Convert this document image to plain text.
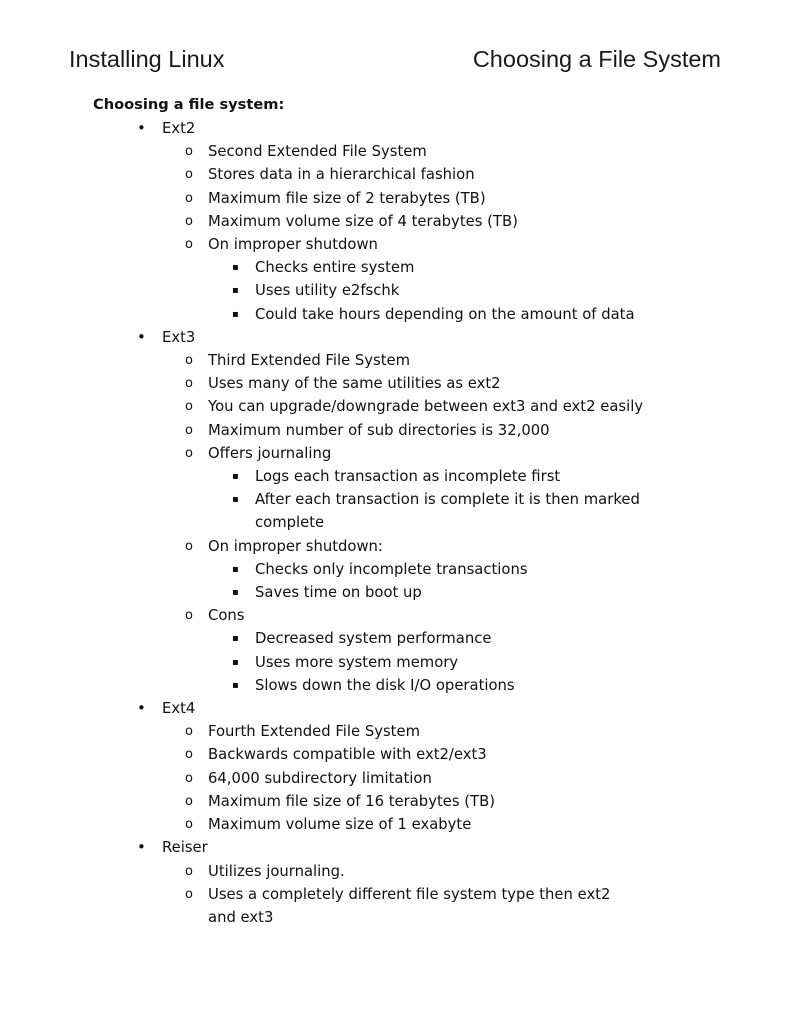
Installing Linux	Choosing a File System
Choosing a file system:
• Ext2
o Second Extended File System
o Stores data in a hierarchical fashion
o Maximum file size of 2 terabytes (TB)
o Maximum volume size of 4 terabytes (TB)
o On improper shutdown
▪ Checks entire system
▪ Uses utility e2fschk
▪ Could take hours depending on the amount of data
• Ext3
o Third Extended File System
o Uses many of the same utilities as ext2
o You can upgrade/downgrade between ext3 and ext2 easily
o Maximum number of sub directories is 32,000
o Offers journaling
▪ Logs each transaction as incomplete first
▪ After each transaction is complete it is then marked complete
o On improper shutdown:
▪ Checks only incomplete transactions
▪ Saves time on boot up
o Cons
▪ Decreased system performance
▪ Uses more system memory
▪ Slows down the disk I/O operations
• Ext4
o Fourth Extended File System
o Backwards compatible with ext2/ext3
o 64,000 subdirectory limitation
o Maximum file size of 16 terabytes (TB)
o Maximum volume size of 1 exabyte
• Reiser
o Utilizes journaling.
o Uses a completely different file system type then ext2 and ext3
